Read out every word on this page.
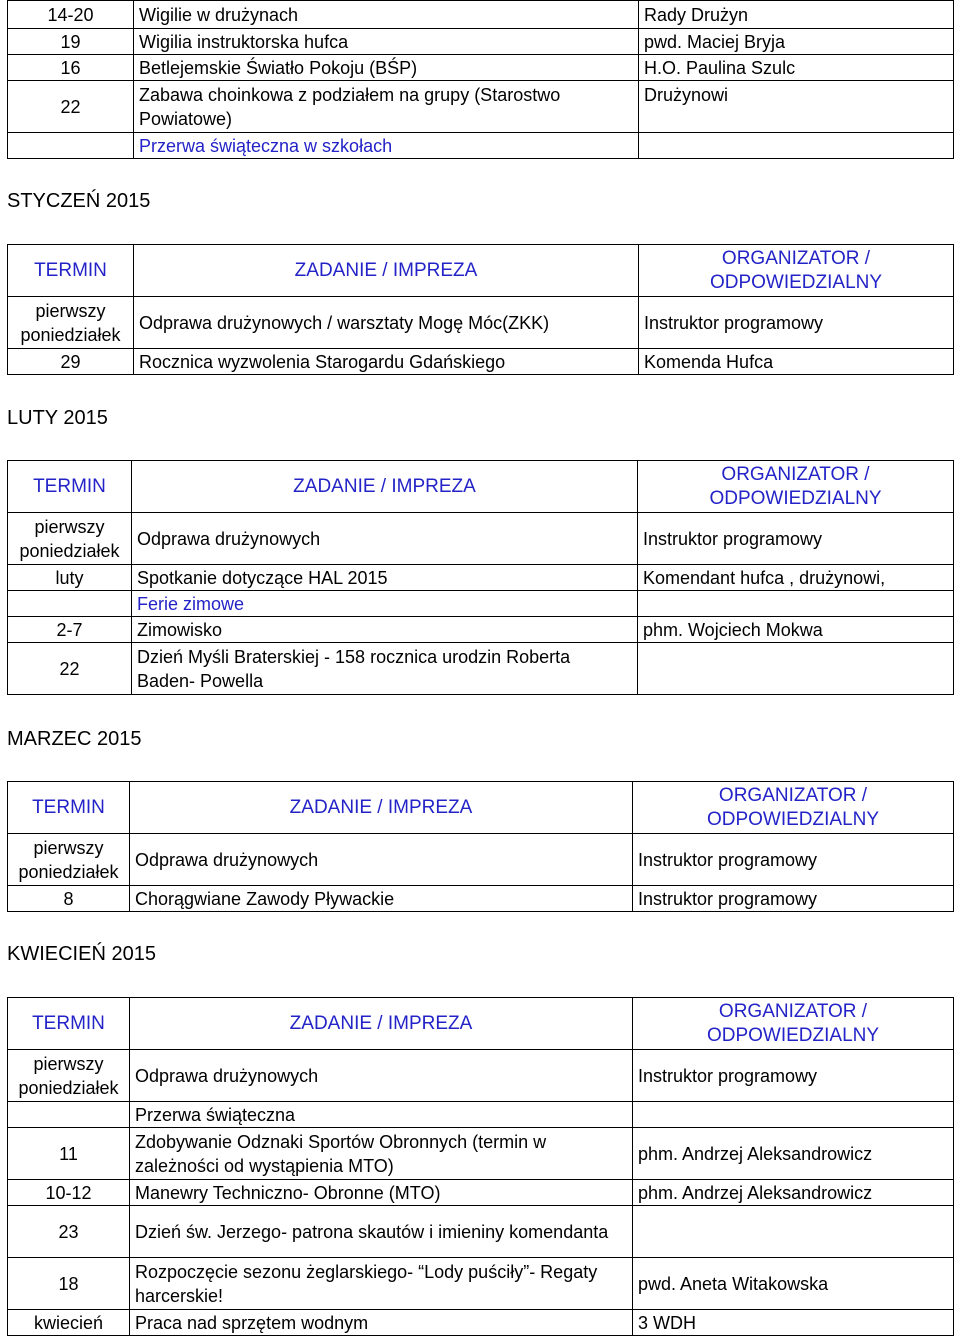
14-20	Wigilie w drużynach	Rady Drużyn
19	Wigilia instruktorska hufca	pwd. Maciej Bryja
16	Betlejemskie Światło Pokoju (BŚP)	H.O. Paulina Szulc
22	Zabawa choinkowa z podziałem na grupy (Starostwo Powiatowe)	Drużynowi
	Przerwa świąteczna w szkołach	
STYCZEŃ 2015
TERMIN	ZADANIE / IMPREZA	ORGANIZATOR / ODPOWIEDZIALNY
pierwszy poniedziałek	Odprawa drużynowych / warsztaty Mogę Móc(ZKK)	Instruktor programowy
29	Rocznica wyzwolenia Starogardu Gdańskiego	Komenda Hufca
LUTY 2015
TERMIN	ZADANIE / IMPREZA	ORGANIZATOR / ODPOWIEDZIALNY
pierwszy poniedziałek	Odprawa drużynowych	Instruktor programowy
luty	Spotkanie dotyczące HAL 2015	Komendant hufca , drużynowi,
	Ferie zimowe	
2-7	Zimowisko	phm. Wojciech Mokwa
22	Dzień Myśli Braterskiej - 158 rocznica urodzin Roberta Baden- Powella	
MARZEC 2015
TERMIN	ZADANIE / IMPREZA	ORGANIZATOR / ODPOWIEDZIALNY
pierwszy poniedziałek	Odprawa drużynowych	Instruktor programowy
8	Chorągwiane Zawody Pływackie	Instruktor programowy
KWIECIEŃ 2015
TERMIN	ZADANIE / IMPREZA	ORGANIZATOR / ODPOWIEDZIALNY
pierwszy poniedziałek	Odprawa drużynowych	Instruktor programowy
	Przerwa świąteczna	
11	Zdobywanie Odznaki Sportów Obronnych (termin w zależności od wystąpienia MTO)	phm. Andrzej Aleksandrowicz
10-12	Manewry Techniczno- Obronne (MTO)	phm. Andrzej Aleksandrowicz
23	Dzień św. Jerzego- patrona skautów i imieniny komendanta	
18	Rozpoczęcie sezonu żeglarskiego- “Lody puściły”- Regaty harcerskie!	pwd. Aneta Witakowska
kwiecień	Praca nad sprzętem wodnym	3 WDH
